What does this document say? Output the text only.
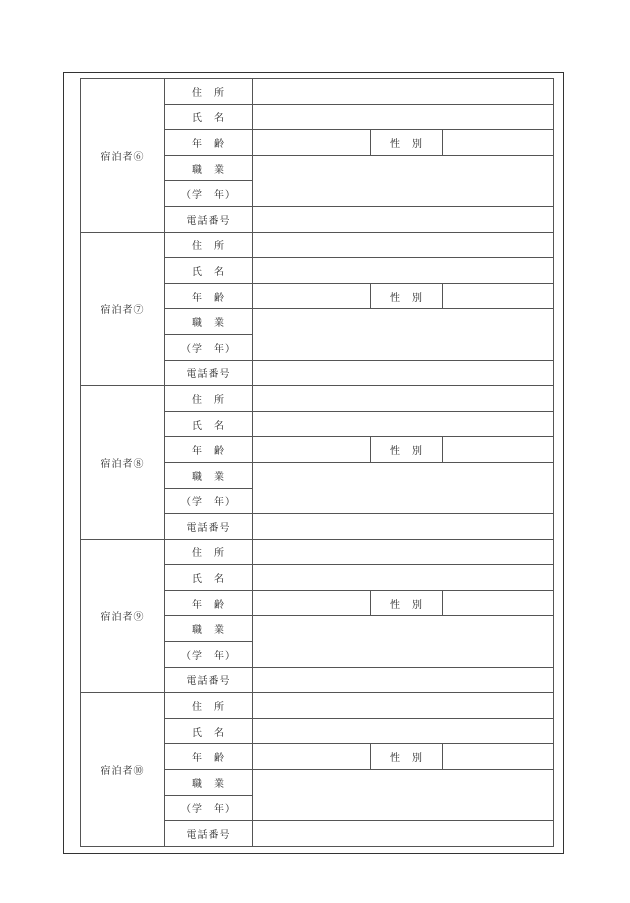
宿泊者⑥	住　所			
	氏　名			
	年　齢		性　別	
	職　業			
	（学　年）			
	電話番号			
宿泊者⑦	住　所			
	氏　名			
	年　齢		性　別	
	職　業			
	（学　年）			
	電話番号			
宿泊者⑧	住　所			
	氏　名			
	年　齢		性　別	
	職　業			
	（学　年）			
	電話番号			
宿泊者⑨	住　所			
	氏　名			
	年　齢		性　別	
	職　業			
	（学　年）			
	電話番号			
宿泊者⑩	住　所			
	氏　名			
	年　齢		性　別	
	職　業			
	（学　年）			
	電話番号			
